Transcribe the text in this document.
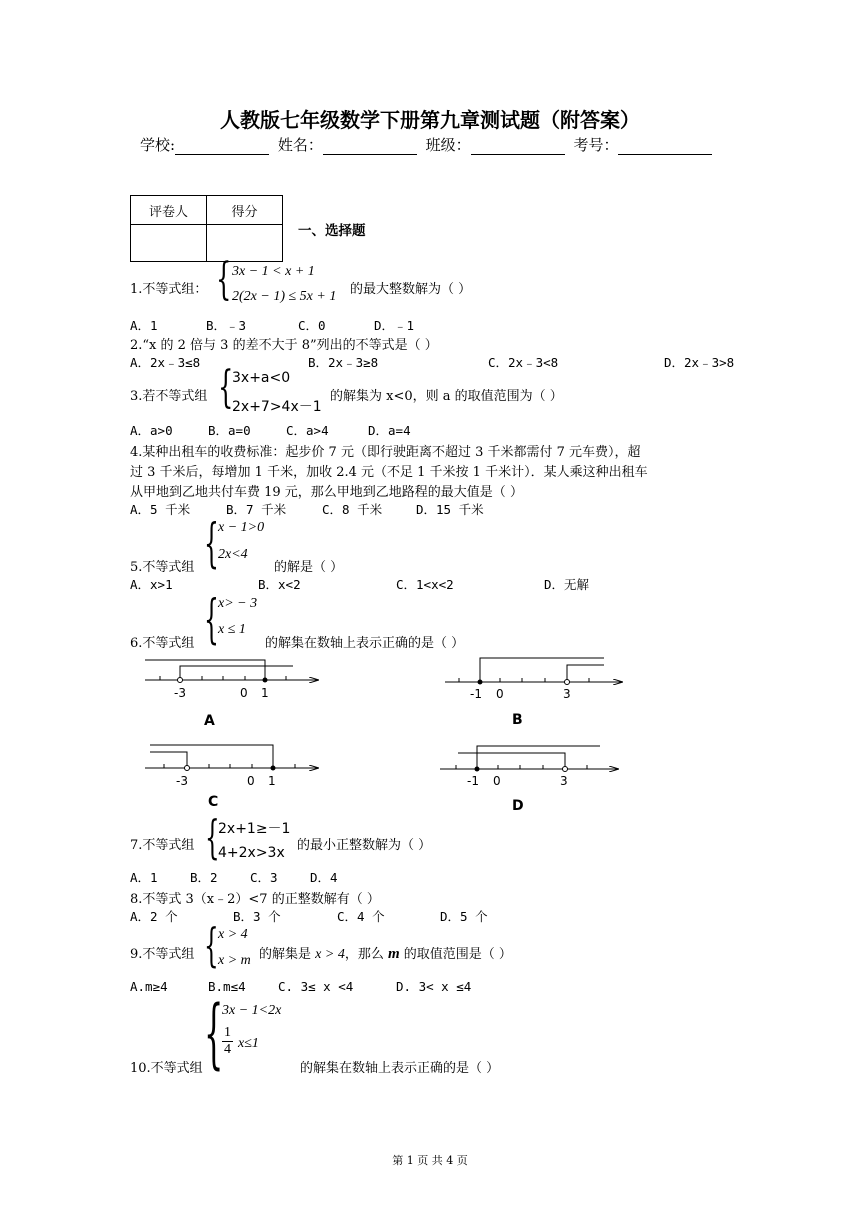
人教版七年级数学下册第九章测试题（附答案）
学校:	姓名：	班级：	考号：
评卷人	得分

一、选择题
1.不等式组： { 3x − 1 < x + 1
2(2x − 1) ≤ 5x + 1 的最大整数解为（ ）
A．1	B．﹣3	C．0	D．﹣1
2.“x 的 2 倍与 3 的差不大于 8”列出的不等式是（ ）
A．2x﹣3≤8	B．2x﹣3≥8	C．2x﹣3<8	D．2x﹣3>8
3.若不等式组 {
3x+a<0
2x+7>4x－1
的解集为 x<0，则 a 的取值范围为（ ）
A．a>0	B．a=0	C．a>4	D．a=4
4.某种出租车的收费标准：起步价 7 元（即行驶距离不超过 3 千米都需付 7 元车费），超
过 3 千米后，每增加 1 千米，加收 2.4 元（不足 1 千米按 1 千米计）．某人乘这种出租车
从甲地到乙地共付车费 19 元，那么甲地到乙地路程的最大值是（ ）
A．5 千米	B．7 千米	C．8 千米	D．15 千米
5.不等式组 { x − 1>0
2x<4
的解是（ ）
A．x>1	B．x<2	C．1<x<2	D．无解
6.不等式组 { x> − 3
x ≤ 1
的解集在数轴上表示正确的是（ ）
-3	0 1
A
-1 0	3
B
-3	0 1
C
-1 0	3
D
7.不等式组 {
2x+1≥－1
4+2x>3x 的最小正整数解为（ ）
A．1	B．2	C．3	D．4
8.不等式 3（x﹣2）<7 的正整数解有（ ）
A．2 个	B．3 个	C．4 个	D．5 个
9.不等式组 { x > 4
x > m 的解集是 x > 4，那么 m 的取值范围是（ ）
A.m≥4	B.m≤4	C. 3≤ x <4	D. 3< x ≤4
10.不等式组 {
3x − 1<2x
$\frac{1}{4} x\le 1$
的解集在数轴上表示正确的是（ ）
第 1 页 共 4 页
